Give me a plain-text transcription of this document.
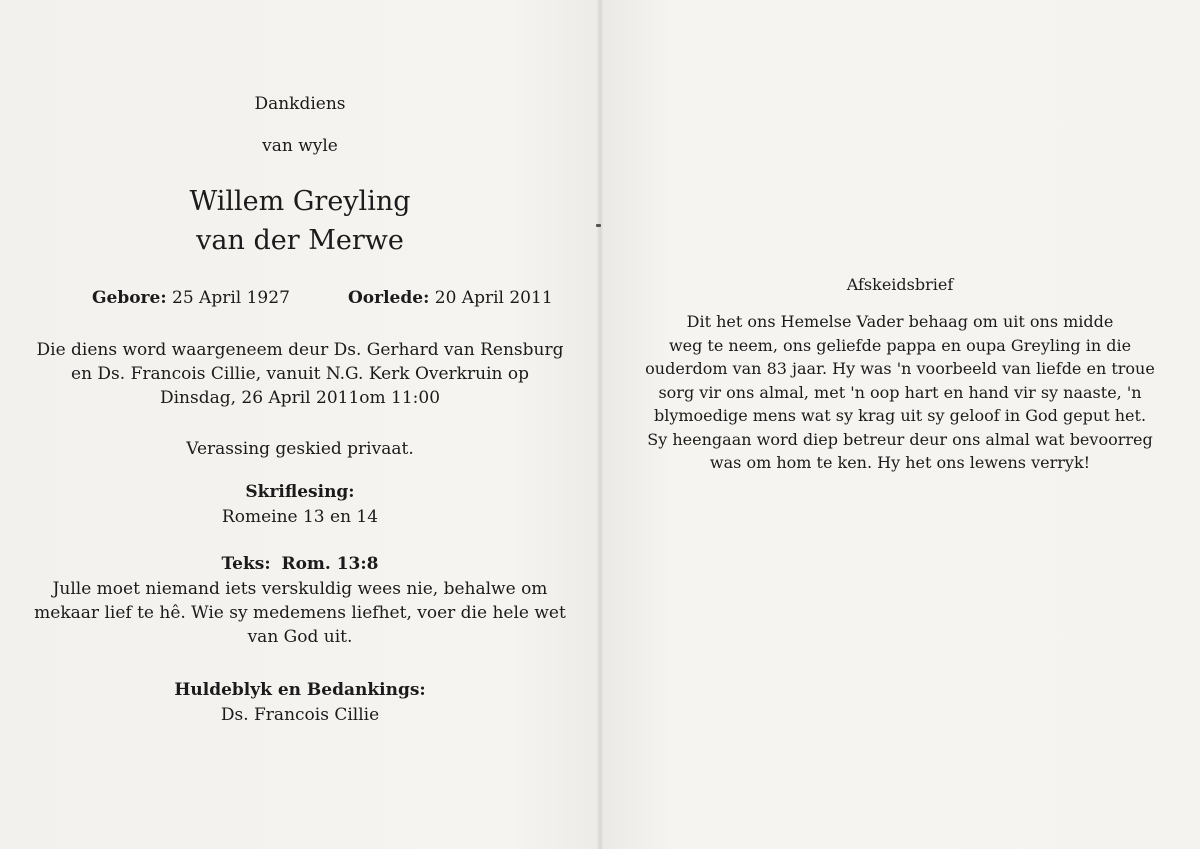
Dankdiens
van wyle
Willem Greyling
van der Merwe
Gebore: 25 April 1927	Oorlede: 20 April 2011
Die diens word waargeneem deur Ds. Gerhard van Rensburg
en Ds. Francois Cillie, vanuit N.G. Kerk Overkruin op
Dinsdag, 26 April 2011om 11:00
Verassing geskied privaat.
Skriflesing:
Romeine 13 en 14
Teks: Rom. 13:8
Julle moet niemand iets verskuldig wees nie, behalwe om
mekaar lief te hê. Wie sy medemens liefhet, voer die hele wet
van God uit.
Huldeblyk en Bedankings:
Ds. Francois Cillie
Afskeidsbrief
Dit het ons Hemelse Vader behaag om uit ons midde
weg te neem, ons geliefde pappa en oupa Greyling in die
ouderdom van 83 jaar. Hy was 'n voorbeeld van liefde en troue
sorg vir ons almal, met 'n oop hart en hand vir sy naaste, 'n
blymoedige mens wat sy krag uit sy geloof in God geput het.
Sy heengaan word diep betreur deur ons almal wat bevoorreg
was om hom te ken. Hy het ons lewens verryk!
